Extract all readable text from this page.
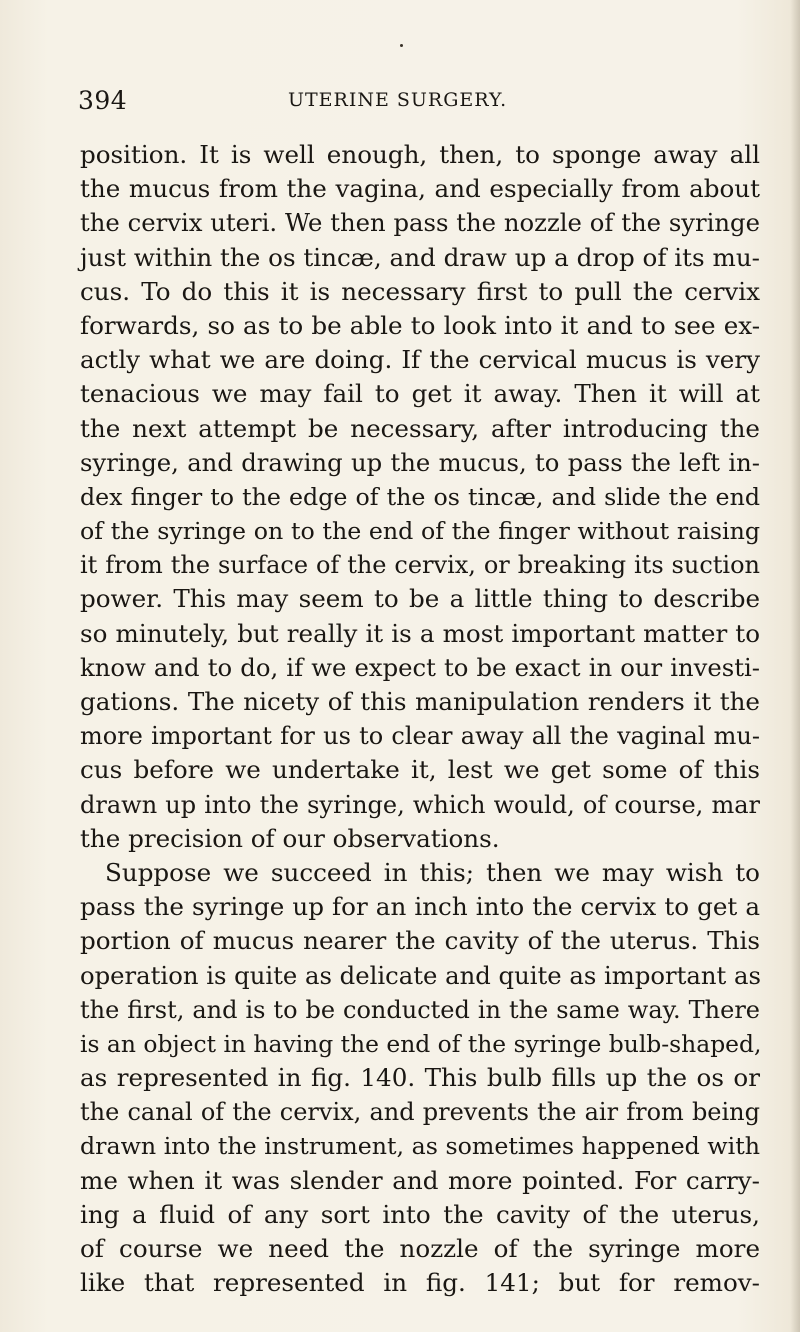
394	UTERINE SURGERY.
position. It is well enough, then, to sponge away all
the mucus from the vagina, and especially from about
the cervix uteri. We then pass the nozzle of the syringe
just within the os tincæ, and draw up a drop of its mu-
cus. To do this it is necessary first to pull the cervix
forwards, so as to be able to look into it and to see ex-
actly what we are doing. If the cervical mucus is very
tenacious we may fail to get it away. Then it will at
the next attempt be necessary, after introducing the
syringe, and drawing up the mucus, to pass the left in-
dex finger to the edge of the os tincæ, and slide the end
of the syringe on to the end of the finger without raising
it from the surface of the cervix, or breaking its suction
power. This may seem to be a little thing to describe
so minutely, but really it is a most important matter to
know and to do, if we expect to be exact in our investi-
gations. The nicety of this manipulation renders it the
more important for us to clear away all the vaginal mu-
cus before we undertake it, lest we get some of this
drawn up into the syringe, which would, of course, mar
the precision of our observations.
Suppose we succeed in this; then we may wish to
pass the syringe up for an inch into the cervix to get a
portion of mucus nearer the cavity of the uterus. This
operation is quite as delicate and quite as important as
the first, and is to be conducted in the same way. There
is an object in having the end of the syringe bulb-shaped,
as represented in fig. 140. This bulb fills up the os or
the canal of the cervix, and prevents the air from being
drawn into the instrument, as sometimes happened with
me when it was slender and more pointed. For carry-
ing a fluid of any sort into the cavity of the uterus,
of course we need the nozzle of the syringe more
like that represented in fig. 141; but for remov-
